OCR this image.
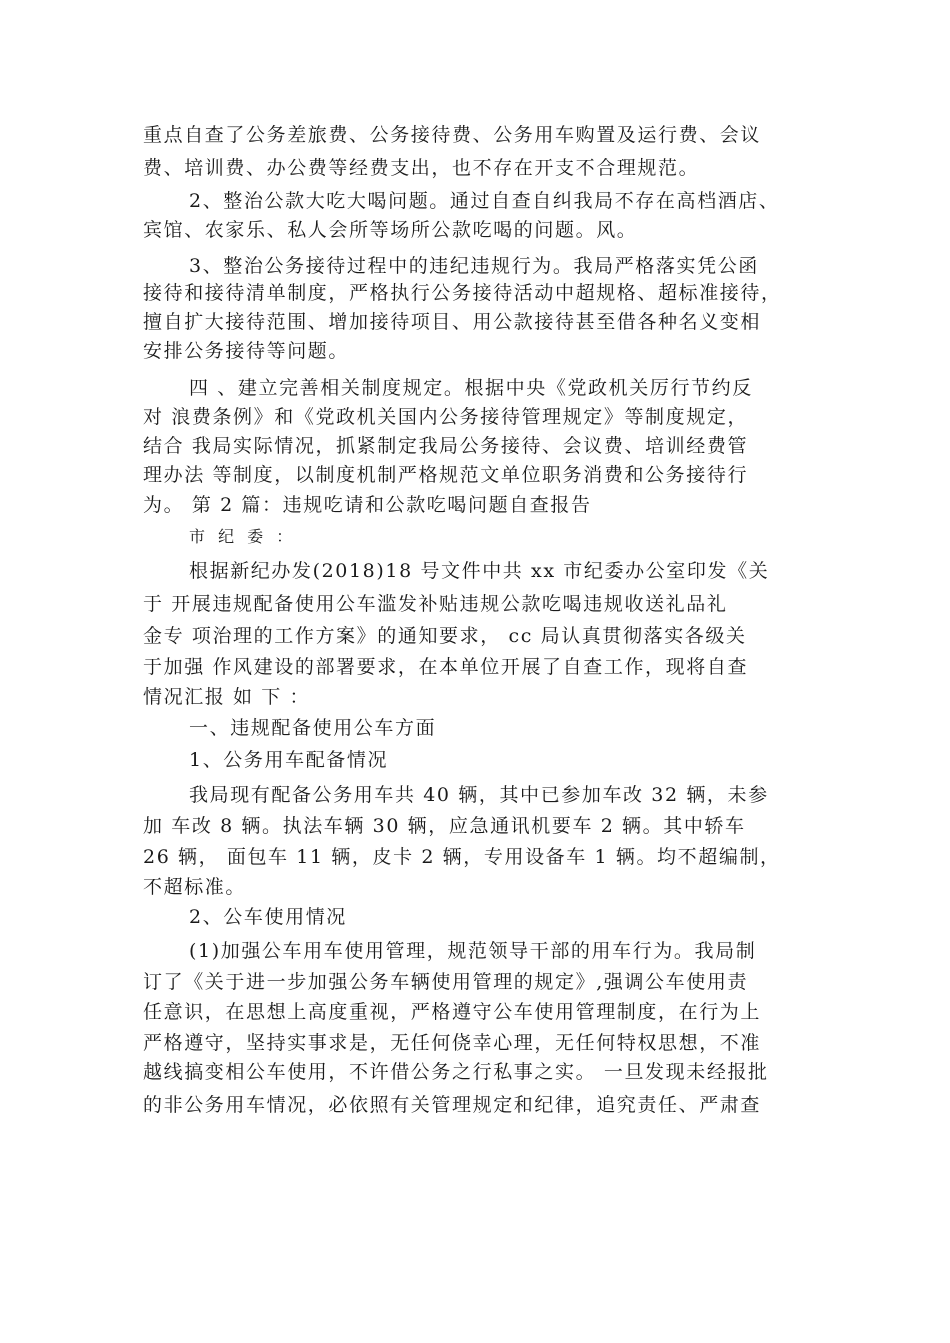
重点自查了公务差旅费、公务接待费、公务用车购置及运行费、会议
费、培训费、办公费等经费支出，也不存在开支不合理规范。
2、整治公款大吃大喝问题。通过自查自纠我局不存在高档酒店、
宾馆、农家乐、私人会所等场所公款吃喝的问题。风。
3、整治公务接待过程中的违纪违规行为。我局严格落实凭公函
接待和接待清单制度，严格执行公务接待活动中超规格、超标准接待，
擅自扩大接待范围、增加接待项目、用公款接待甚至借各种名义变相
安排公务接待等问题。
四 、建立完善相关制度规定。根据中央《党政机关厉行节约反
对 浪费条例》和《党政机关国内公务接待管理规定》等制度规定，
结合 我局实际情况，抓紧制定我局公务接待、会议费、培训经费管
理办法 等制度，以制度机制严格规范文单位职务消费和公务接待行
为。 第 2 篇：违规吃请和公款吃喝问题自查报告
市 纪 委 ：
根据新纪办发(2018)18 号文件中共 xx 市纪委办公室印发《关
于 开展违规配备使用公车滥发补贴违规公款吃喝违规收送礼品礼
金专 项治理的工作方案》的通知要求， cc 局认真贯彻落实各级关
于加强 作风建设的部署要求，在本单位开展了自查工作，现将自查
情况汇报 如 下 ：
一、违规配备使用公车方面
1、公务用车配备情况
我局现有配备公务用车共 40 辆，其中已参加车改 32 辆，未参
加 车改 8 辆。执法车辆 30 辆，应急通讯机要车 2 辆。其中轿车
26 辆， 面包车 11 辆，皮卡 2 辆，专用设备车 1 辆。均不超编制，
不超标准。
2、公车使用情况
(1)加强公车用车使用管理，规范领导干部的用车行为。我局制
订了《关于进一步加强公务车辆使用管理的规定》,强调公车使用责
任意识，在思想上高度重视，严格遵守公车使用管理制度，在行为上
严格遵守，坚持实事求是，无任何侥幸心理，无任何特权思想，不准
越线搞变相公车使用，不许借公务之行私事之实。 一旦发现未经报批
的非公务用车情况，必依照有关管理规定和纪律，追究责任、严肃查
